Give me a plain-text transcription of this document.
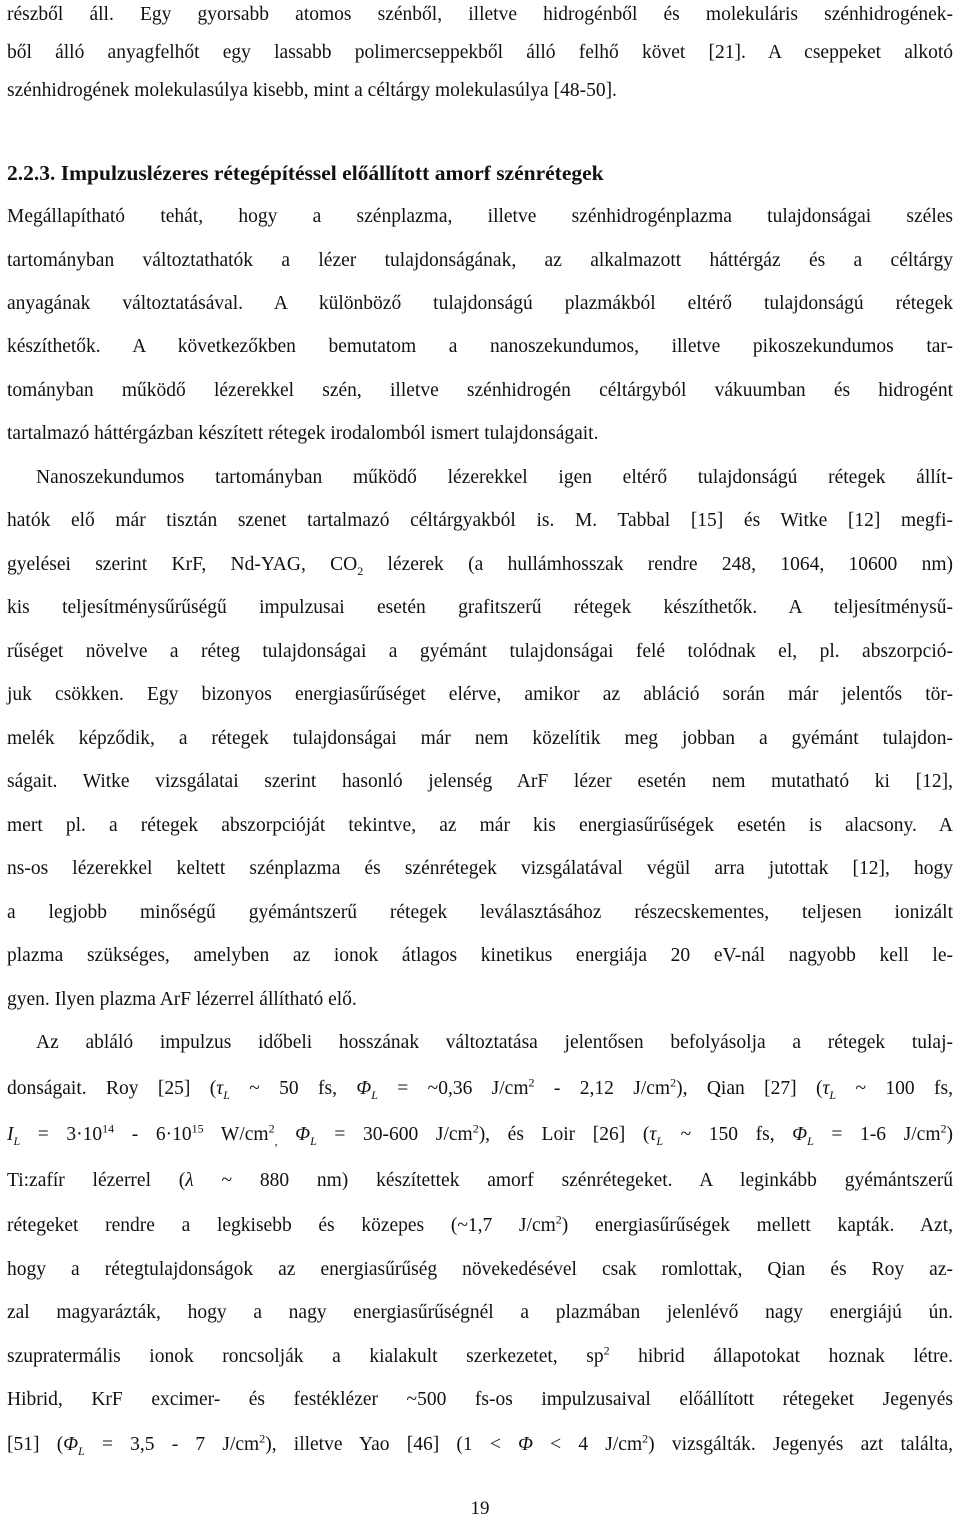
részből áll. Egy gyorsabb atomos szénből, illetve hidrogénből és molekuláris szénhidrogének-
ből álló anyagfelhőt egy lassabb polimercseppekből álló felhő követ [21]. A cseppeket alkotó
szénhidrogének molekulasúlya kisebb, mint a céltárgy molekulasúlya [48-50].
2.2.3. Impulzuslézeres rétegépítéssel előállított amorf szénrétegek
Megállapítható tehát, hogy a szénplazma, illetve szénhidrogénplazma tulajdonságai széles
tartományban változtathatók a lézer tulajdonságának, az alkalmazott háttérgáz és a céltárgy
anyagának változtatásával. A különböző tulajdonságú plazmákból eltérő tulajdonságú rétegek
készíthetők. A következőkben bemutatom a nanoszekundumos, illetve pikoszekundumos tar-
tományban működő lézerekkel szén, illetve szénhidrogén céltárgyból vákuumban és hidrogént
tartalmazó háttérgázban készített rétegek irodalomból ismert tulajdonságait.
Nanoszekundumos tartományban működő lézerekkel igen eltérő tulajdonságú rétegek állít-
hatók elő már tisztán szenet tartalmazó céltárgyakból is. M. Tabbal [15] és Witke [12] megfi-
gyelései szerint KrF, Nd-YAG, $CO_2$ lézerek (a hullámhosszak rendre 248, 1064, 10600 nm)
kis teljesítménysűrűségű impulzusai esetén grafitszerű rétegek készíthetők. A teljesítménysű-
rűséget növelve a réteg tulajdonságai a gyémánt tulajdonságai felé tolódnak el, pl. abszorpció-
juk csökken. Egy bizonyos energiasűrűséget elérve, amikor az abláció során már jelentős tör-
melék képződik, a rétegek tulajdonságai már nem közelítik meg jobban a gyémánt tulajdon-
ságait. Witke vizsgálatai szerint hasonló jelenség ArF lézer esetén nem mutatható ki [12],
mert pl. a rétegek abszorpcióját tekintve, az már kis energiasűrűségek esetén is alacsony. A
ns-os lézerekkel keltett szénplazma és szénrétegek vizsgálatával végül arra jutottak [12], hogy
a legjobb minőségű gyémántszerű rétegek leválasztásához részecskementes, teljesen ionizált
plazma szükséges, amelyben az ionok átlagos kinetikus energiája 20 eV-nál nagyobb kell le-
gyen. Ilyen plazma ArF lézerrel állítható elő.
Az abláló impulzus időbeli hosszának változtatása jelentősen befolyásolja a rétegek tulaj-
donságait. Roy [25] ($\tau_L$ ~ 50 fs, $\Phi_L$ = ~0,36 $J/cm^2 - 2,12$ $J/cm^2$), Qian [27] ($\tau_L$ ~ 100 fs,
$I_L = 3\cdot 10^{14} - 6\cdot 10^{15}$ $W/cm^2_,$ $\Phi_L = 30-600$ $J/cm^2$), és Loir [26] ($\tau_L$ ~ 150 fs, $\Phi_L = 1-6$ $J/cm^2$)
Ti:zafír lézerrel (λ ~ 880 nm) készítettek amorf szénrétegeket. A leginkább gyémántszerű
rétegeket rendre a legkisebb és közepes (~1,7 $J/cm^2$) energiasűrűségek mellett kapták. Azt,
hogy a rétegtulajdonságok az energiasűrűség növekedésével csak romlottak, Qian és Roy az-
zal magyarázták, hogy a nagy energiasűrűségnél a plazmában jelenlévő nagy energiájú ún.
szupratermális ionok roncsolják a kialakult szerkezetet, $sp^2$ hibrid állapotokat hoznak létre.
Hibrid, KrF excimer- és festéklézer ~500 fs-os impulzusaival előállított rétegeket Jegenyés
[51] ($\Phi_L = 3,5 - 7$ $J/cm^2$), illetve Yao [46] (1 < Φ < 4 $J/cm^2$) vizsgálták. Jegenyés azt találta,
19
